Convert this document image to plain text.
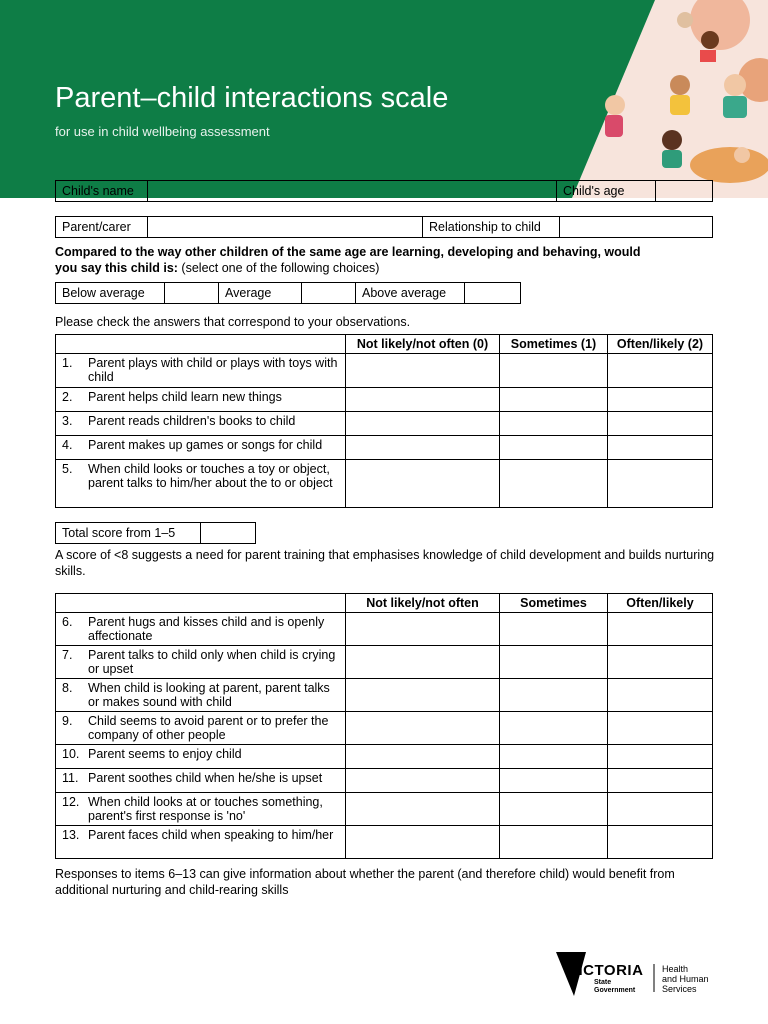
Parent–child interactions scale
for use in child wellbeing assessment
Child's name		Child's age	
Parent/carer		Relationship to child	
Compared to the way other children of the same age are learning, developing and behaving, would you say this child is: (select one of the following choices)
Below average		Average		Above average	
Please check the answers that correspond to your observations.
	Not likely/not often (0)	Sometimes (1)	Often/likely (2)

1. Parent plays with child or plays with toys with child			

2. Parent helps child learn new things			

3. Parent reads children's books to child			

4. Parent makes up games or songs for child			

5. When child looks or touches a toy or object, parent talks to him/her about the to or object			

Total score from 1–5	
A score of <8 suggests a need for parent training that emphasises knowledge of child development and builds nurturing skills.
	Not likely/not often	Sometimes	Often/likely

6. Parent hugs and kisses child and is openly affectionate			

7. Parent talks to child only when child is crying or upset			

8. When child is looking at parent, parent talks or makes sound with child			

9. Child seems to avoid parent or to prefer the company of other people			

10. Parent seems to enjoy child			

11. Parent soothes child when he/she is upset			

12. When child looks at or touches something, parent's first response is 'no'			

13. Parent faces child when speaking to him/her			

Responses to items 6–13 can give information about whether the parent (and therefore child) would benefit from additional nurturing and child-rearing skills
VICTORIA
State
Government
Health
and Human
Services
